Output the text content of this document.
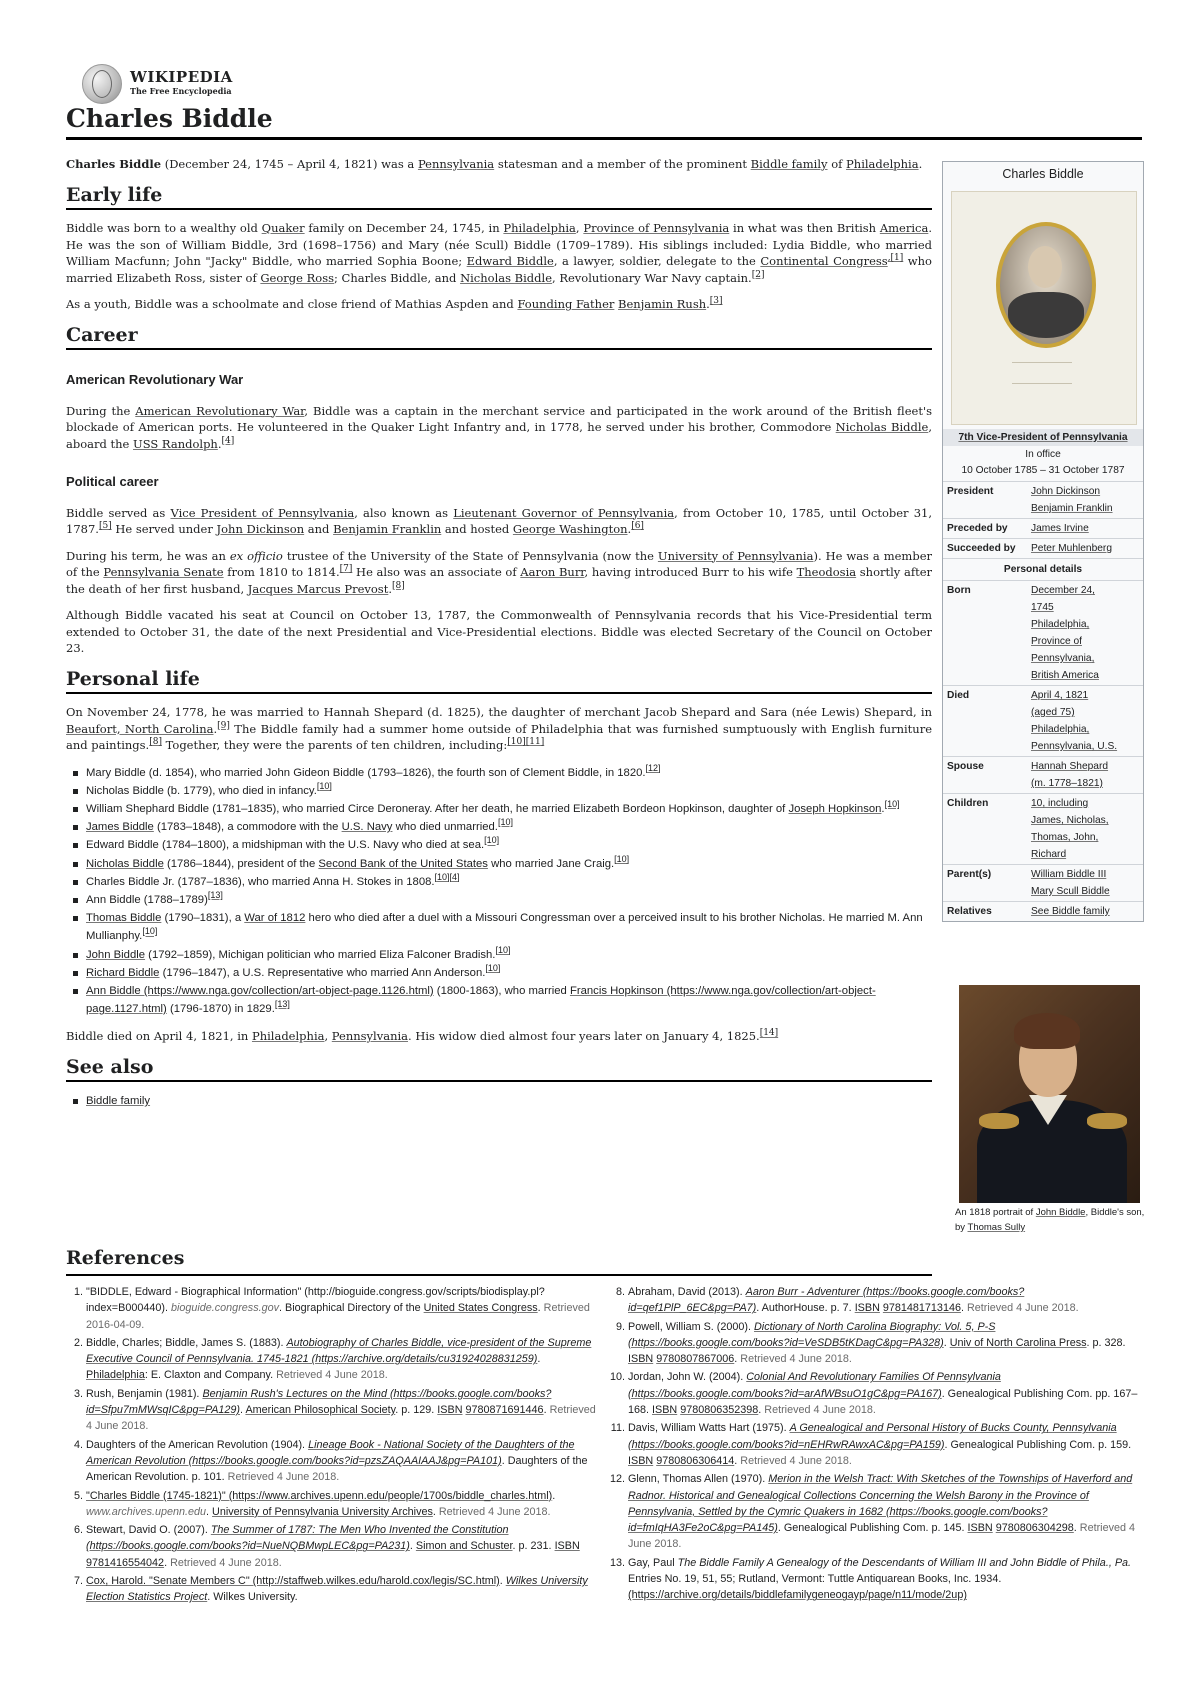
WIKIPEDIA
The Free Encyclopedia
Charles Biddle

Charles Biddle (December 24, 1745 – April 4, 1821) was a Pennsylvania statesman and a member of the prominent Biddle family of Philadelphia.

Early life

Biddle was born to a wealthy old Quaker family on December 24, 1745, in Philadelphia, Province of Pennsylvania in what was then British America. He was the son of William Biddle, 3rd (1698–1756) and Mary (née Scull) Biddle (1709–1789). His siblings included: Lydia Biddle, who married William Macfunn; John "Jacky" Biddle, who married Sophia Boone; Edward Biddle, a lawyer, soldier, delegate to the Continental Congress$^{,[1]}$ who married Elizabeth Ross, sister of George Ross; Charles Biddle, and Nicholas Biddle, Revolutionary War Navy captain.[2]

As a youth, Biddle was a schoolmate and close friend of Mathias Aspden and Founding Father Benjamin Rush.[3]

Career
American Revolutionary War

During the American Revolutionary War, Biddle was a captain in the merchant service and participated in the work around of the British fleet's blockade of American ports. He volunteered in the Quaker Light Infantry and, in 1778, he served under his brother, Commodore Nicholas Biddle, aboard the USS Randolph.[4]

Political career

Biddle served as Vice President of Pennsylvania, also known as Lieutenant Governor of Pennsylvania, from October 10, 1785, until October 31, 1787.[5] He served under John Dickinson and Benjamin Franklin and hosted George Washington.[6]

During his term, he was an ex officio trustee of the University of the State of Pennsylvania (now the University of Pennsylvania). He was a member of the Pennsylvania Senate from 1810 to 1814.[7] He also was an associate of Aaron Burr, having introduced Burr to his wife Theodosia shortly after the death of her first husband, Jacques Marcus Prevost.[8]

Although Biddle vacated his seat at Council on October 13, 1787, the Commonwealth of Pennsylvania records that his Vice-Presidential term extended to October 31, the date of the next Presidential and Vice-Presidential elections. Biddle was elected Secretary of the Council on October 23.

Personal life

On November 24, 1778, he was married to Hannah Shepard (d. 1825), the daughter of merchant Jacob Shepard and Sara (née Lewis) Shepard, in Beaufort, North Carolina.[9] The Biddle family had a summer home outside of Philadelphia that was furnished sumptuously with English furniture and paintings.[8] Together, they were the parents of ten children, including:[10][11]

Mary Biddle (d. 1854), who married John Gideon Biddle (1793–1826), the fourth son of Clement Biddle, in 1820.[12]
Nicholas Biddle (b. 1779), who died in infancy.[10]
William Shephard Biddle (1781–1835), who married Circe Deroneray. After her death, he married Elizabeth Bordeon Hopkinson, daughter of Joseph Hopkinson.[10]
James Biddle (1783–1848), a commodore with the U.S. Navy who died unmarried.[10]
Edward Biddle (1784–1800), a midshipman with the U.S. Navy who died at sea.[10]
Nicholas Biddle (1786–1844), president of the Second Bank of the United States who married Jane Craig.[10]
Charles Biddle Jr. (1787–1836), who married Anna H. Stokes in 1808.[10][4]
Ann Biddle (1788–1789)[13]
Thomas Biddle (1790–1831), a War of 1812 hero who died after a duel with a Missouri Congressman over a perceived insult to his brother Nicholas. He married M. Ann Mullianphy.[10]
John Biddle (1792–1859), Michigan politician who married Eliza Falconer Bradish.[10]
Richard Biddle (1796–1847), a U.S. Representative who married Ann Anderson.[10]
Ann Biddle (https://www.nga.gov/collection/art-object-page.1126.html) (1800-1863), who married Francis Hopkinson (https://www.nga.gov/collection/art-object-page.1127.html) (1796-1870) in 1829.[13]

Biddle died on April 4, 1821, in Philadelphia, Pennsylvania. His widow died almost four years later on January 4, 1825.[14]

See also
Biddle family
Charles Biddle
7th Vice-President of Pennsylvania
In office
10 October 1785 – 31 October 1787
President	John Dickinson
Benjamin Franklin
Preceded by	James Irvine
Succeeded by	Peter Muhlenberg
Personal details
Born	December 24,
1745
Philadelphia,
Province of
Pennsylvania,
British America
Died	April 4, 1821
(aged 75)
Philadelphia,
Pennsylvania, U.S.
Spouse	Hannah Shepard
(m. 1778–1821)
Children	10, including
James, Nicholas,
Thomas, John,
Richard
Parent(s)	William Biddle III
Mary Scull Biddle
Relatives	See Biddle family
An 1818 portrait of John Biddle, Biddle's son, by Thomas Sully
References
1. "BIDDLE, Edward - Biographical Information" (http://bioguide.congress.gov/scripts/biodisplay.pl?index=B000440). bioguide.congress.gov. Biographical Directory of the United States Congress. Retrieved 2016-04-09.
2. Biddle, Charles; Biddle, James S. (1883). Autobiography of Charles Biddle, vice-president of the Supreme Executive Council of Pennsylvania. 1745-1821 (https://archive.org/details/cu31924028831259). Philadelphia: E. Claxton and Company. Retrieved 4 June 2018.
3. Rush, Benjamin (1981). Benjamin Rush's Lectures on the Mind (https://books.google.com/books?id=Sfpu7mMWsqIC&pg=PA129). American Philosophical Society. p. 129. ISBN 9780871691446. Retrieved 4 June 2018.
4. Daughters of the American Revolution (1904). Lineage Book - National Society of the Daughters of the American Revolution (https://books.google.com/books?id=pzsZAQAAIAAJ&pg=PA101). Daughters of the American Revolution. p. 101. Retrieved 4 June 2018.
5. "Charles Biddle (1745-1821)" (https://www.archives.upenn.edu/people/1700s/biddle_charles.html). www.archives.upenn.edu. University of Pennsylvania University Archives. Retrieved 4 June 2018.
6. Stewart, David O. (2007). The Summer of 1787: The Men Who Invented the Constitution (https://books.google.com/books?id=NueNQBMwpLEC&pg=PA231). Simon and Schuster. p. 231. ISBN 9781416554042. Retrieved 4 June 2018.
7. Cox, Harold. "Senate Members C" (http://staffweb.wilkes.edu/harold.cox/legis/SC.html). Wilkes University Election Statistics Project. Wilkes University.
8. Abraham, David (2013). Aaron Burr - Adventurer (https://books.google.com/books?id=qef1PlP_6EC&pg=PA7). AuthorHouse. p. 7. ISBN 9781481713146. Retrieved 4 June 2018.
9. Powell, William S. (2000). Dictionary of North Carolina Biography: Vol. 5, P-S (https://books.google.com/books?id=VeSDB5tKDagC&pg=PA328). Univ of North Carolina Press. p. 328. ISBN 9780807867006. Retrieved 4 June 2018.
10. Jordan, John W. (2004). Colonial And Revolutionary Families Of Pennsylvania (https://books.google.com/books?id=arAfWBsuO1gC&pg=PA167). Genealogical Publishing Com. pp. 167–168. ISBN 9780806352398. Retrieved 4 June 2018.
11. Davis, William Watts Hart (1975). A Genealogical and Personal History of Bucks County, Pennsylvania (https://books.google.com/books?id=nEHRwRAwxAC&pg=PA159). Genealogical Publishing Com. p. 159. ISBN 9780806306414. Retrieved 4 June 2018.
12. Glenn, Thomas Allen (1970). Merion in the Welsh Tract: With Sketches of the Townships of Haverford and Radnor. Historical and Genealogical Collections Concerning the Welsh Barony in the Province of Pennsylvania, Settled by the Cymric Quakers in 1682 (https://books.google.com/books?id=fmIqHA3Fe2oC&pg=PA145). Genealogical Publishing Com. p. 145. ISBN 9780806304298. Retrieved 4 June 2018.
13. Gay, Paul The Biddle Family A Genealogy of the Descendants of William III and John Biddle of Phila., Pa. Entries No. 19, 51, 55; Rutland, Vermont: Tuttle Antiquarean Books, Inc. 1934. (https://archive.org/details/biddlefamilygeneogayp/page/n11/mode/2up)
